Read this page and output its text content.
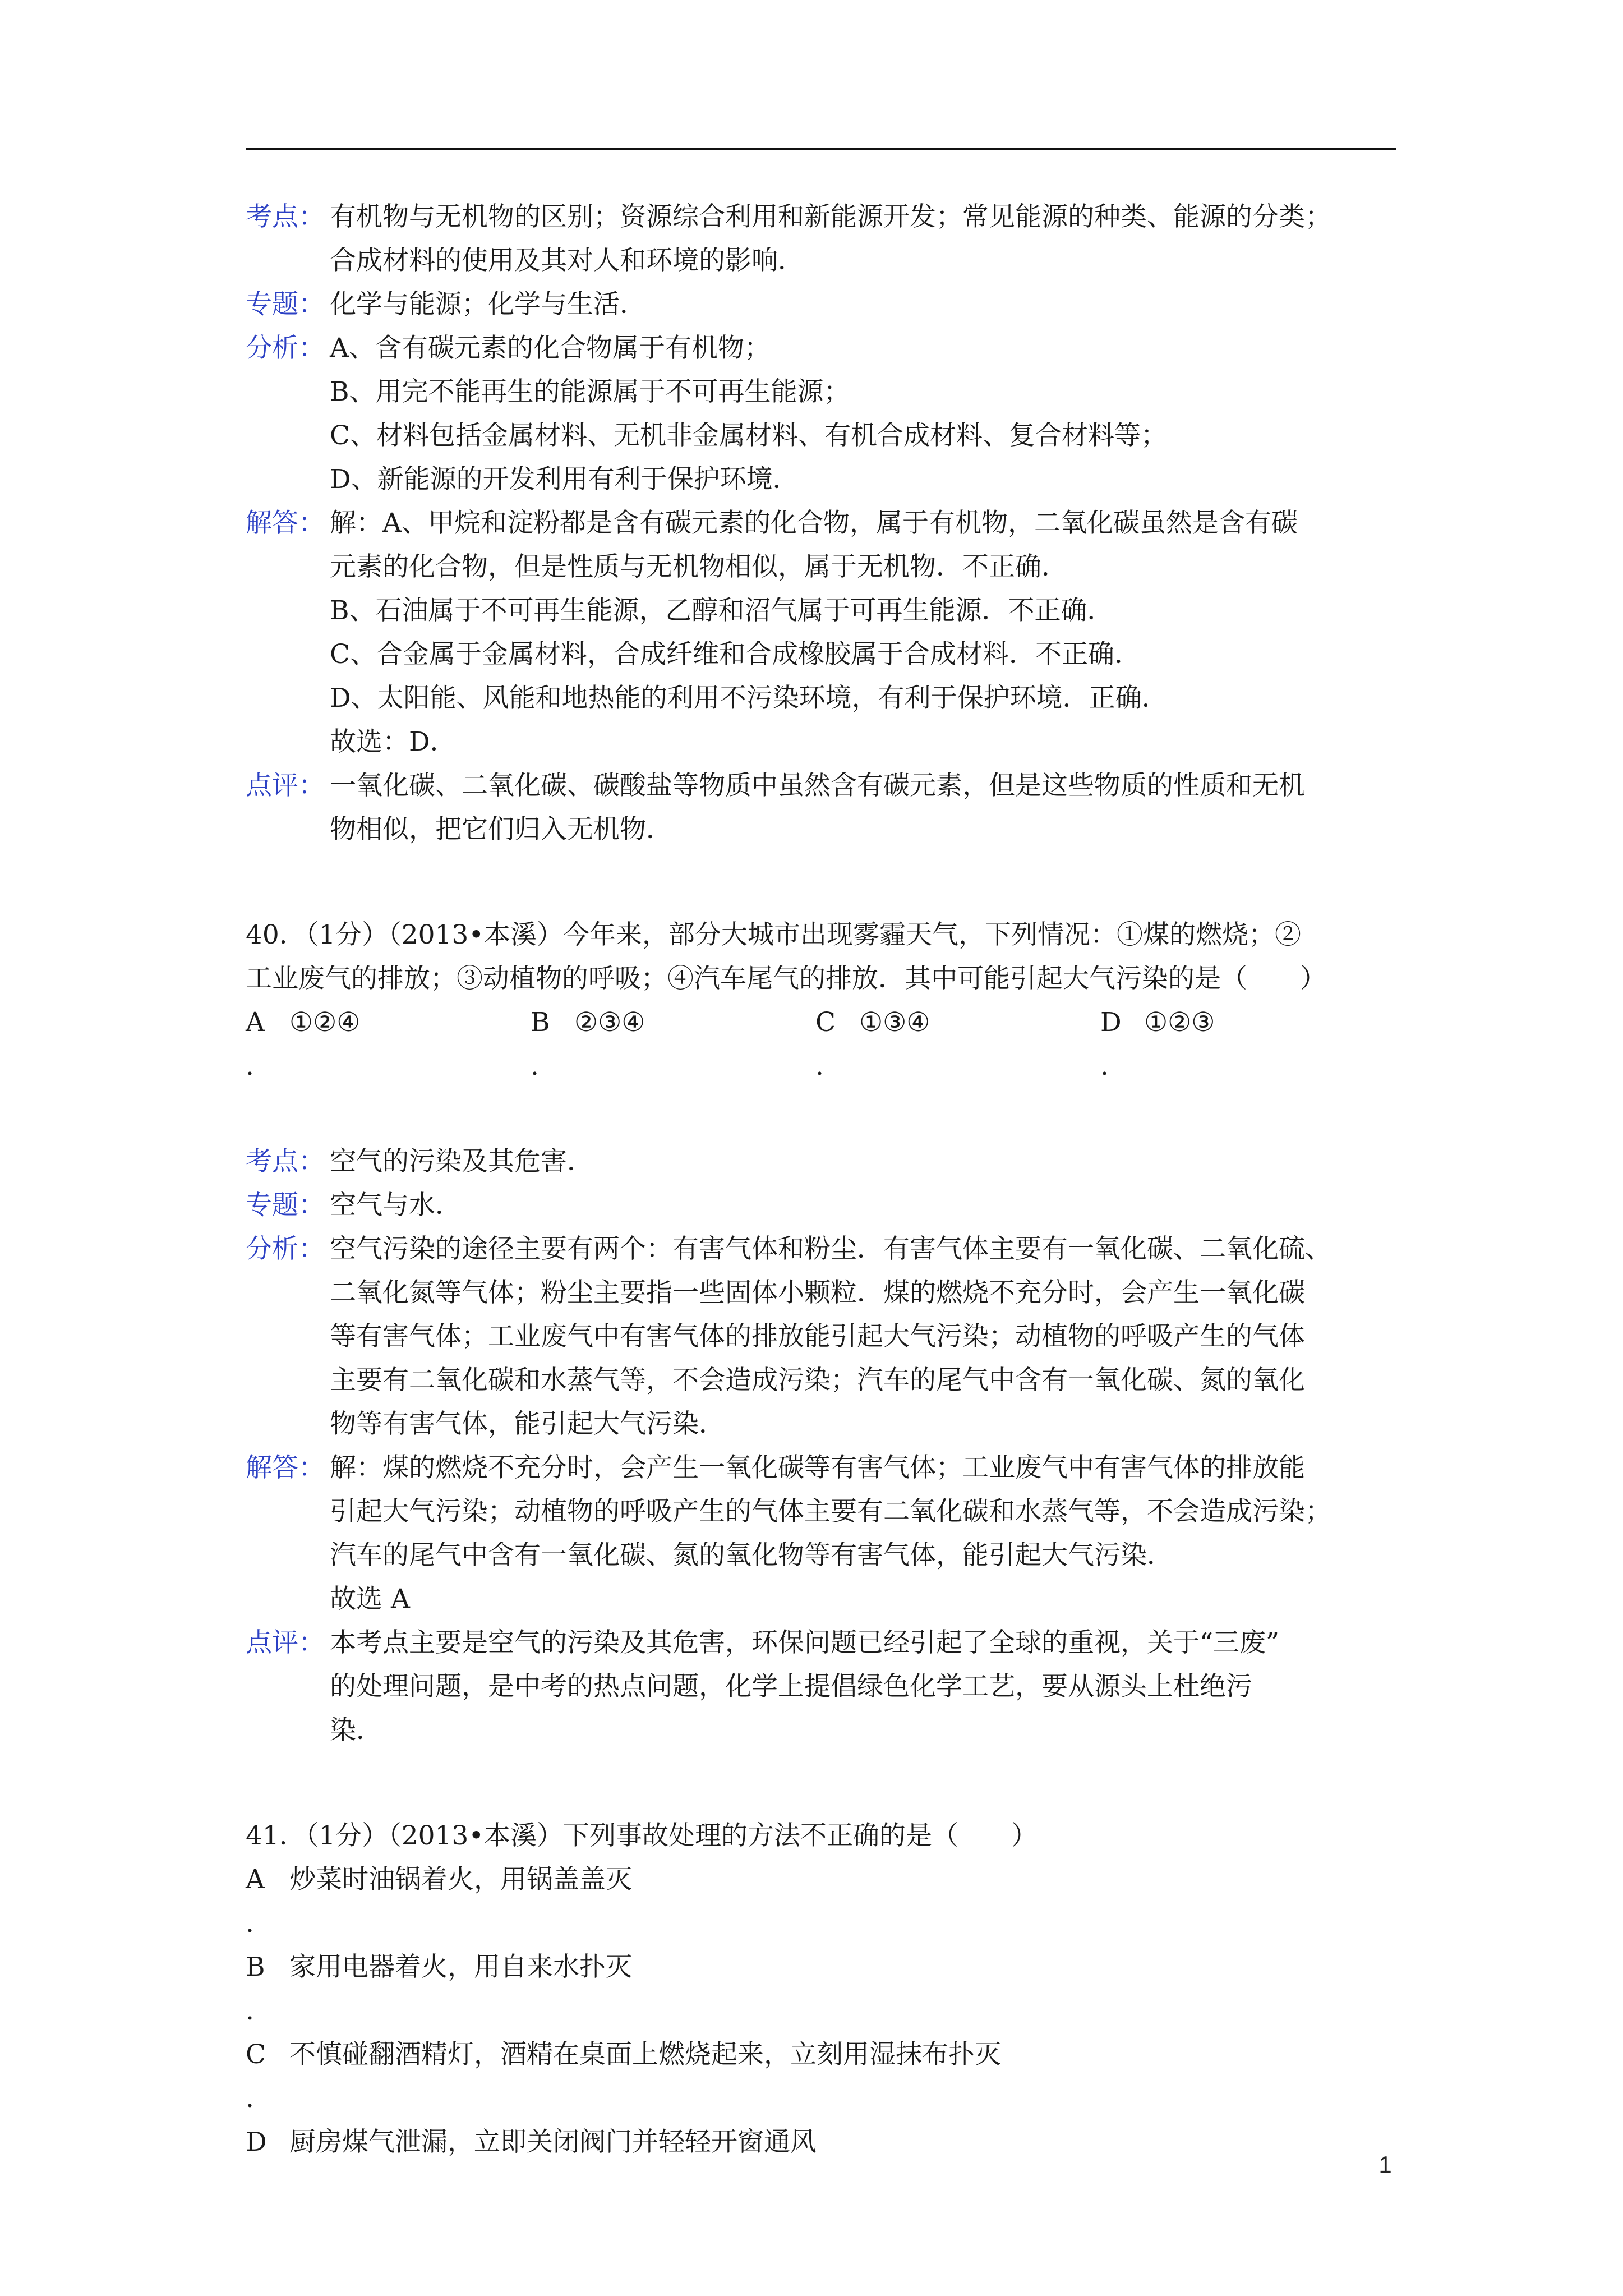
考点： 有机物与无机物的区别；资源综合利用和新能源开发；常见能源的种类、能源的分类；
合成材料的使用及其对人和环境的影响．
专题： 化学与能源；化学与生活．
分析： A、含有碳元素的化合物属于有机物；
B、用完不能再生的能源属于不可再生能源；
C、材料包括金属材料、无机非金属材料、有机合成材料、复合材料等；
D、新能源的开发利用有利于保护环境．
解答： 解：A、甲烷和淀粉都是含有碳元素的化合物，属于有机物，二氧化碳虽然是含有碳
元素的化合物，但是性质与无机物相似，属于无机物．不正确．
B、石油属于不可再生能源，乙醇和沼气属于可再生能源．不正确．
C、合金属于金属材料，合成纤维和合成橡胶属于合成材料．不正确．
D、太阳能、风能和地热能的利用不污染环境，有利于保护环境．正确．
故选：D．
点评： 一氧化碳、二氧化碳、碳酸盐等物质中虽然含有碳元素，但是这些物质的性质和无机
物相似，把它们归入无机物．
40．（1分）（2013•本溪）今年来，部分大城市出现雾霾天气，下列情况：①煤的燃烧；②
工业废气的排放；③动植物的呼吸；④汽车尾气的排放．其中可能引起大气污染的是（　　）
A ①②④
.
B ②③④
.
C ①③④
.
D ①②③
.
考点： 空气的污染及其危害．
专题： 空气与水．
分析： 空气污染的途径主要有两个：有害气体和粉尘．有害气体主要有一氧化碳、二氧化硫、
二氧化氮等气体；粉尘主要指一些固体小颗粒．煤的燃烧不充分时，会产生一氧化碳
等有害气体；工业废气中有害气体的排放能引起大气污染；动植物的呼吸产生的气体
主要有二氧化碳和水蒸气等，不会造成污染；汽车的尾气中含有一氧化碳、氮的氧化
物等有害气体，能引起大气污染．
解答： 解：煤的燃烧不充分时，会产生一氧化碳等有害气体；工业废气中有害气体的排放能
引起大气污染；动植物的呼吸产生的气体主要有二氧化碳和水蒸气等，不会造成污染；
汽车的尾气中含有一氧化碳、氮的氧化物等有害气体，能引起大气污染．
故选 A
点评： 本考点主要是空气的污染及其危害，环保问题已经引起了全球的重视，关于“三废”
的处理问题，是中考的热点问题，化学上提倡绿色化学工艺，要从源头上杜绝污
染．
41．（1分）（2013•本溪）下列事故处理的方法不正确的是（　　）
A 炒菜时油锅着火，用锅盖盖灭
.
B 家用电器着火，用自来水扑灭
.
C 不慎碰翻酒精灯，酒精在桌面上燃烧起来，立刻用湿抹布扑灭
.
D 厨房煤气泄漏，立即关闭阀门并轻轻开窗通风
1
